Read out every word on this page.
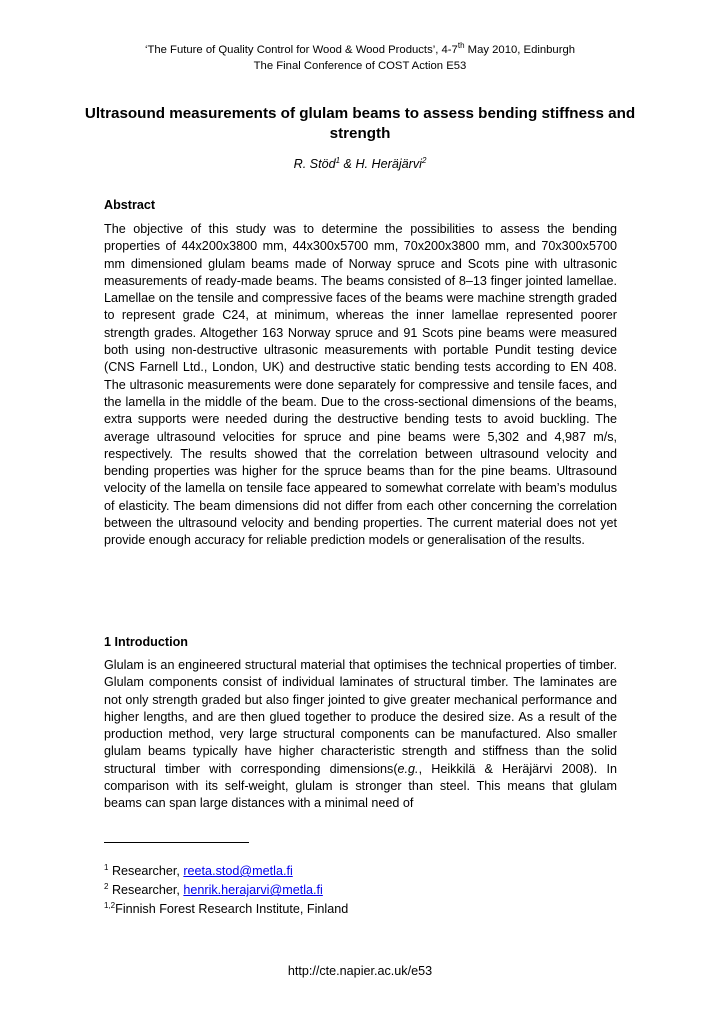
‘The Future of Quality Control for Wood & Wood Products’, 4-7th May 2010, Edinburgh
The Final Conference of COST Action E53
Ultrasound measurements of glulam beams to assess bending stiffness and strength
R. Stöd$^1$ & H. Heräjärvi$^2$
Abstract
The objective of this study was to determine the possibilities to assess the bending properties of 44x200x3800 mm, 44x300x5700 mm, 70x200x3800 mm, and 70x300x5700 mm dimensioned glulam beams made of Norway spruce and Scots pine with ultrasonic measurements of ready-made beams. The beams consisted of 8–13 finger jointed lamellae. Lamellae on the tensile and compressive faces of the beams were machine strength graded to represent grade C24, at minimum, whereas the inner lamellae represented poorer strength grades. Altogether 163 Norway spruce and 91 Scots pine beams were measured both using non-destructive ultrasonic measurements with portable Pundit testing device (CNS Farnell Ltd., London, UK) and destructive static bending tests according to EN 408. The ultrasonic measurements were done separately for compressive and tensile faces, and the lamella in the middle of the beam. Due to the cross-sectional dimensions of the beams, extra supports were needed during the destructive bending tests to avoid buckling. The average ultrasound velocities for spruce and pine beams were 5,302 and 4,987 m/s, respectively. The results showed that the correlation between ultrasound velocity and bending properties was higher for the spruce beams than for the pine beams. Ultrasound velocity of the lamella on tensile face appeared to somewhat correlate with beam’s modulus of elasticity. The beam dimensions did not differ from each other concerning the correlation between the ultrasound velocity and bending properties. The current material does not yet provide enough accuracy for reliable prediction models or generalisation of the results.
1 Introduction
Glulam is an engineered structural material that optimises the technical properties of timber. Glulam components consist of individual laminates of structural timber. The laminates are not only strength graded but also finger jointed to give greater mechanical performance and higher lengths, and are then glued together to produce the desired size. As a result of the production method, very large structural components can be manufactured. Also smaller glulam beams typically have higher characteristic strength and stiffness than the solid structural timber with corresponding dimensions(e.g., Heikkilä & Heräjärvi 2008). In comparison with its self-weight, glulam is stronger than steel. This means that glulam beams can span large distances with a minimal need of
$^1$ Researcher, reeta.stod@metla.fi
$^2$ Researcher, henrik.herajarvi@metla.fi
$^{1,2}$Finnish Forest Research Institute, Finland
http://cte.napier.ac.uk/e53
